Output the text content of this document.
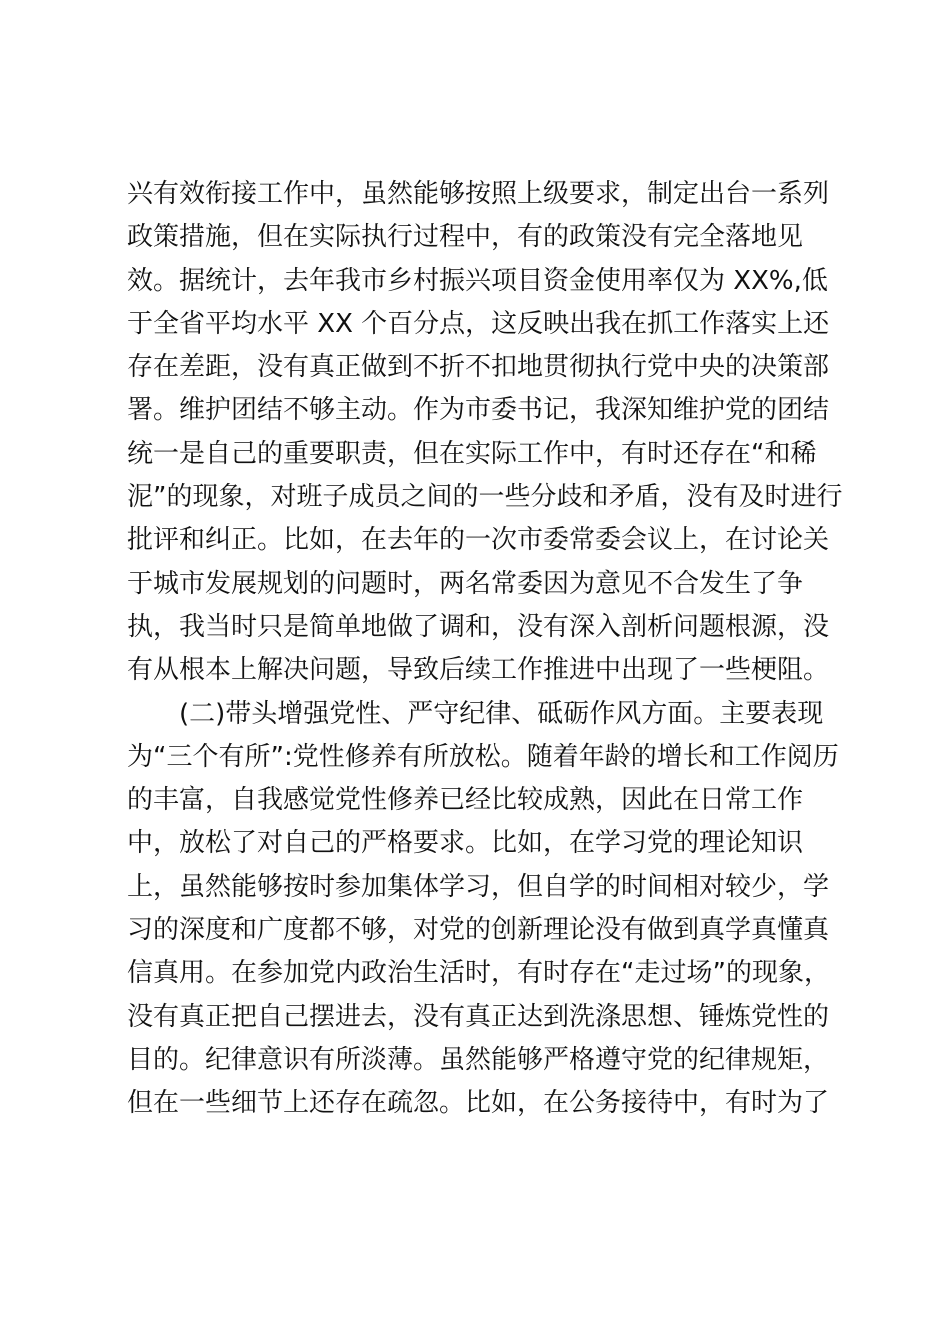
兴有效衔接工作中，虽然能够按照上级要求，制定出台一系列
政策措施，但在实际执行过程中，有的政策没有完全落地见
效。据统计，去年我市乡村振兴项目资金使用率仅为 XX%,低
于全省平均水平 XX 个百分点，这反映出我在抓工作落实上还
存在差距，没有真正做到不折不扣地贯彻执行党中央的决策部
署。维护团结不够主动。作为市委书记，我深知维护党的团结
统一是自己的重要职责，但在实际工作中，有时还存在“和稀
泥”的现象，对班子成员之间的一些分歧和矛盾，没有及时进行
批评和纠正。比如，在去年的一次市委常委会议上，在讨论关
于城市发展规划的问题时，两名常委因为意见不合发生了争
执，我当时只是简单地做了调和，没有深入剖析问题根源，没
有从根本上解决问题，导致后续工作推进中出现了一些梗阻。
　　(二)带头增强党性、严守纪律、砥砺作风方面。主要表现
为“三个有所”:党性修养有所放松。随着年龄的增长和工作阅历
的丰富，自我感觉党性修养已经比较成熟，因此在日常工作
中，放松了对自己的严格要求。比如，在学习党的理论知识
上，虽然能够按时参加集体学习，但自学的时间相对较少，学
习的深度和广度都不够，对党的创新理论没有做到真学真懂真
信真用。在参加党内政治生活时，有时存在“走过场”的现象，
没有真正把自己摆进去，没有真正达到洗涤思想、锤炼党性的
目的。纪律意识有所淡薄。虽然能够严格遵守党的纪律规矩，
但在一些细节上还存在疏忽。比如，在公务接待中，有时为了
